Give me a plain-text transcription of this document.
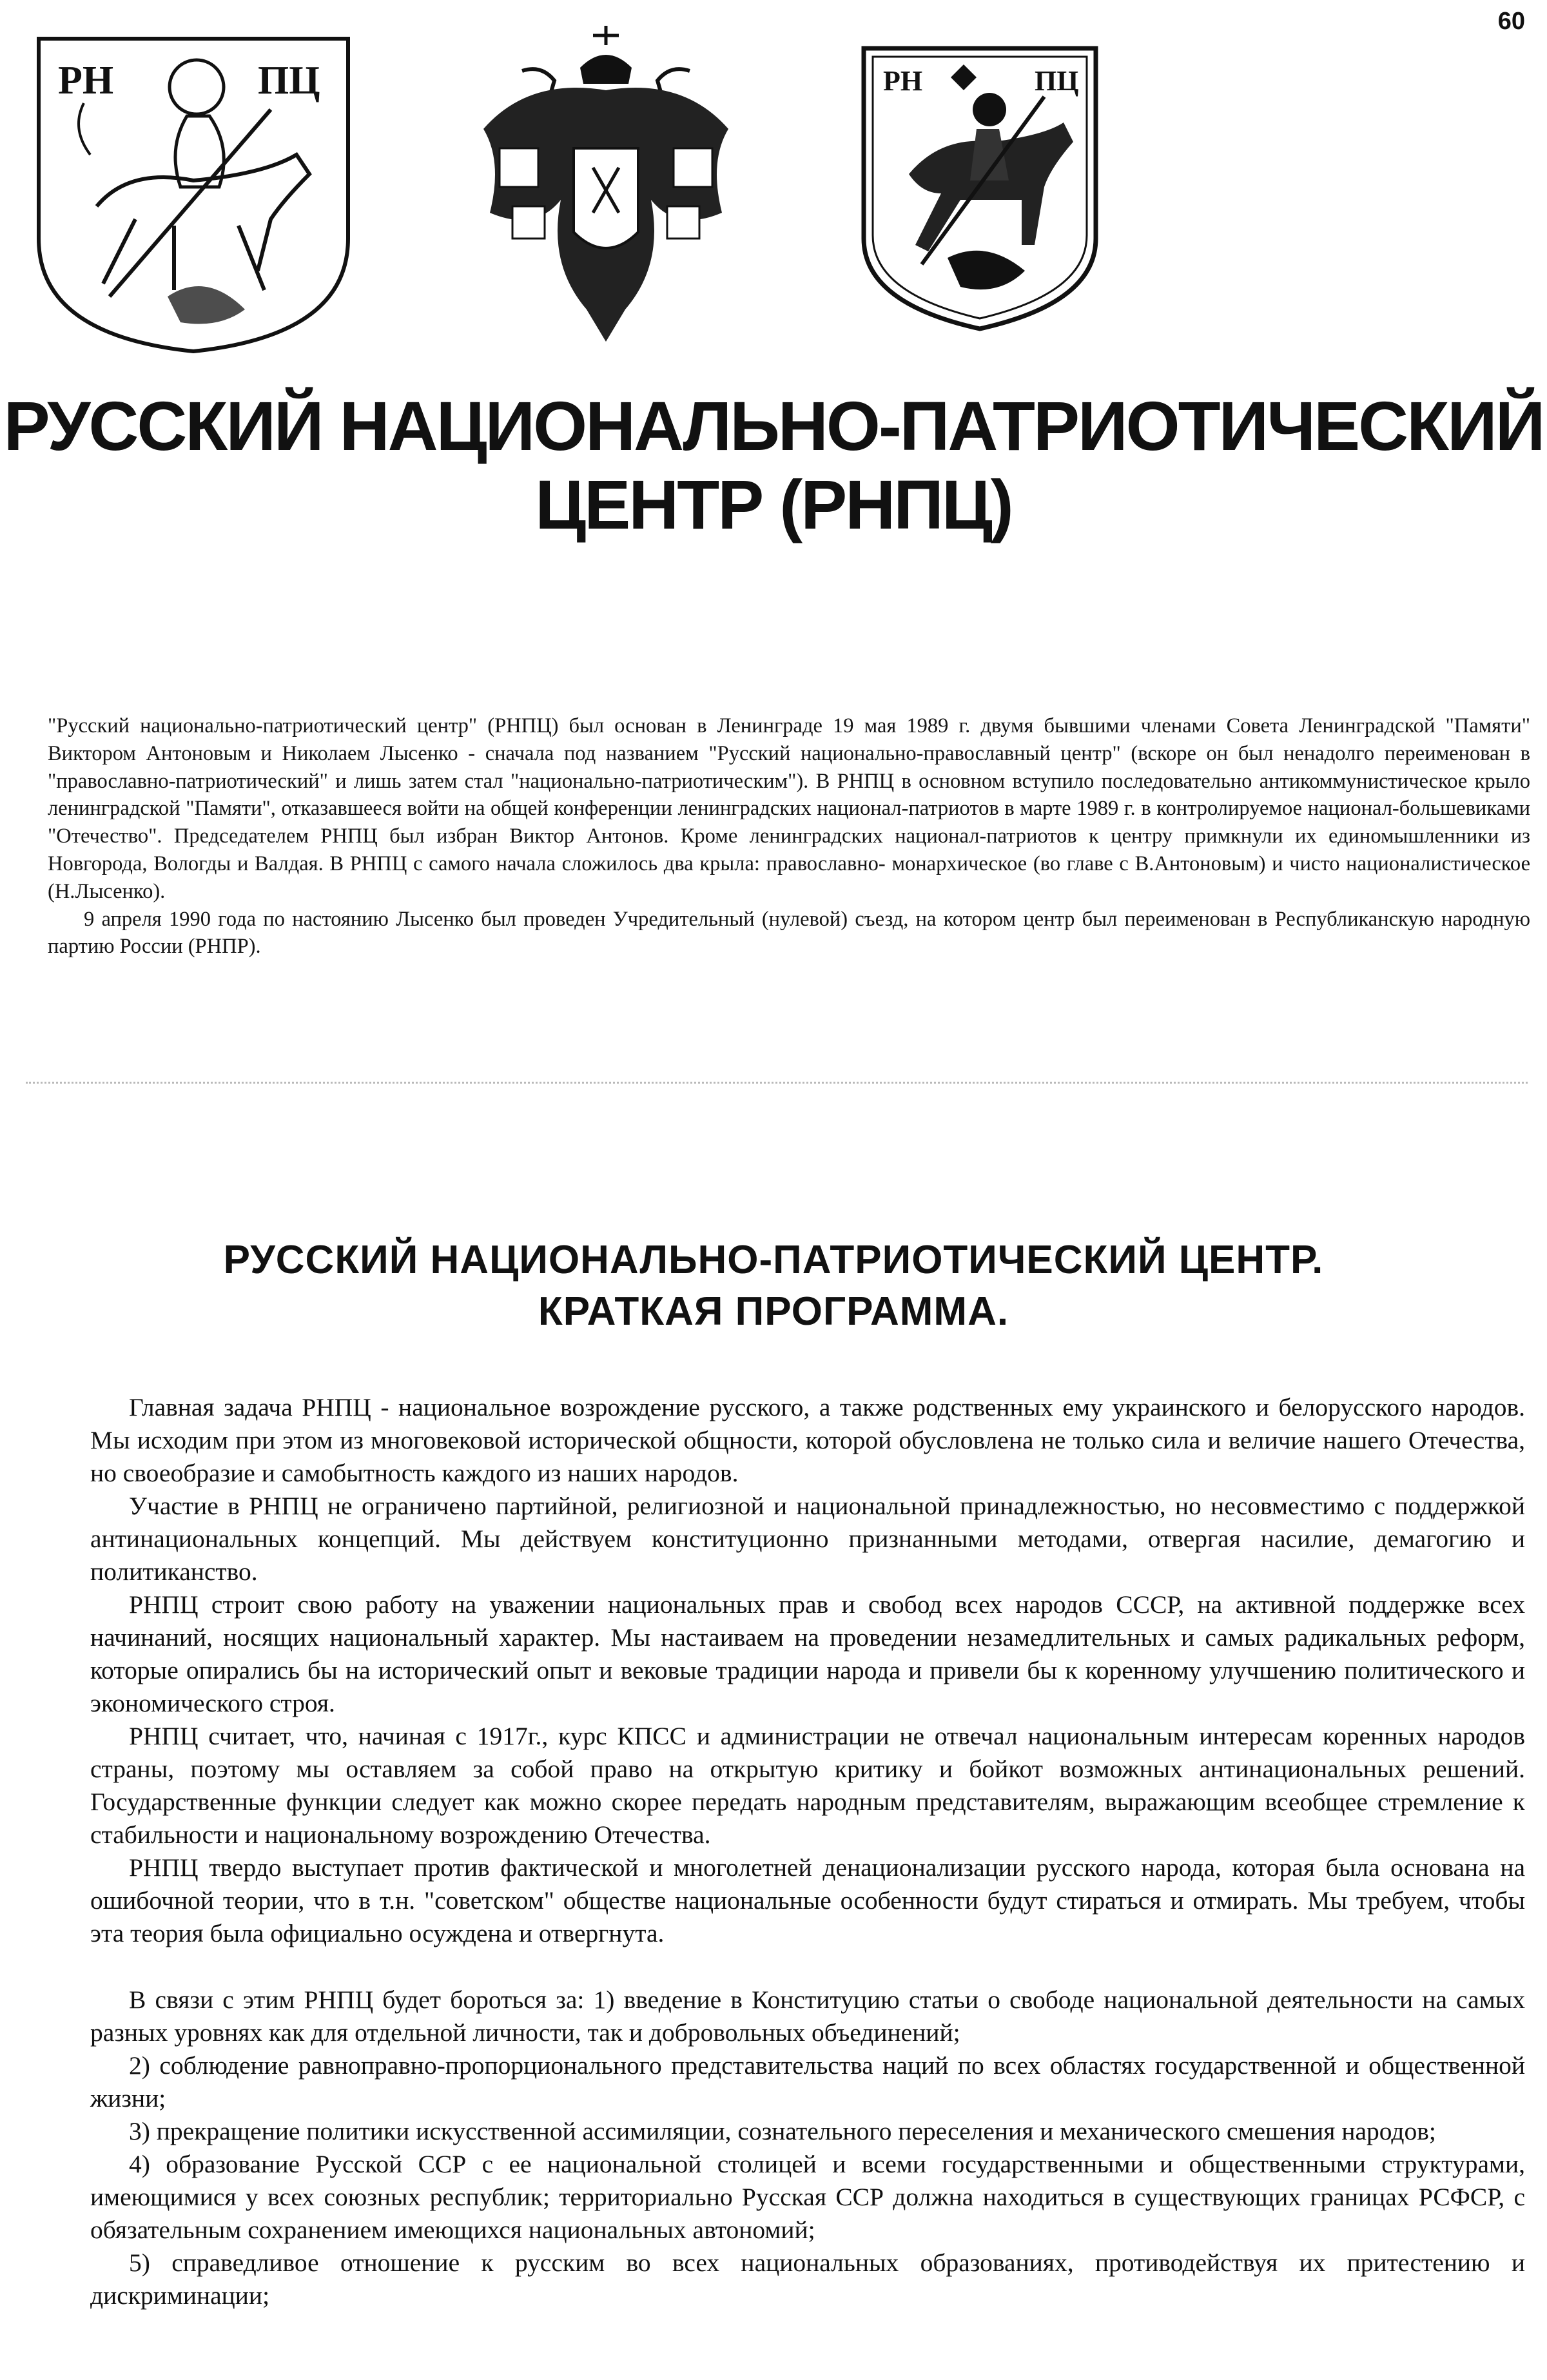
60
РН	ПЦ	РН	ПЦ
РУССКИЙ НАЦИОНАЛЬНО-ПАТРИОТИЧЕСКИЙ
ЦЕНТР (РНПЦ)

"Русский национально-патриотический центр" (РНПЦ) был основан в Ленинграде 19 мая 1989 г. двумя бывшими членами Совета Ленинградской "Памяти" Виктором Антоновым и Николаем Лысенко - сначала под названием "Русский национально-православный центр" (вскоре он был ненадолго переименован в "православно-патриотический" и лишь затем стал "национально-патриотическим"). В РНПЦ в основном вступило последовательно антикоммунистическое крыло ленинградской "Памяти", отказавшееся войти на общей конференции ленинградских национал-патриотов в марте 1989 г. в контролируемое национал-большевиками "Отечество". Председателем РНПЦ был избран Виктор Антонов. Кроме ленинградских национал-патриотов к центру примкнули их единомышленники из Новгорода, Вологды и Валдая. В РНПЦ с самого начала сложилось два крыла: православно- монархическое (во главе с В.Антоновым) и чисто националистическое (Н.Лысенко).

9 апреля 1990 года по настоянию Лысенко был проведен Учредительный (нулевой) съезд, на котором центр был переименован в Республиканскую народную партию России (РНПР).

РУССКИЙ НАЦИОНАЛЬНО-ПАТРИОТИЧЕСКИЙ ЦЕНТР.
КРАТКАЯ ПРОГРАММА.

Главная задача РНПЦ - национальное возрождение русского, а также родственных ему украинского и белорусского народов. Мы исходим при этом из многовековой исторической общности, которой обусловлена не только сила и величие нашего Отечества, но своеобразие и самобытность каждого из наших народов.

Участие в РНПЦ не ограничено партийной, религиозной и национальной принадлежностью, но несовместимо с поддержкой антинациональных концепций. Мы действуем конституционно признанными методами, отвергая насилие, демагогию и политиканство.

РНПЦ строит свою работу на уважении национальных прав и свобод всех народов СССР, на активной поддержке всех начинаний, носящих национальный характер. Мы настаиваем на проведении незамедлительных и самых радикальных реформ, которые опирались бы на исторический опыт и вековые традиции народа и привели бы к коренному улучшению политического и экономического строя.

РНПЦ считает, что, начиная с 1917г., курс КПСС и администрации не отвечал национальным интересам коренных народов страны, поэтому мы оставляем за собой право на открытую критику и бойкот возможных антинациональных решений. Государственные функции следует как можно скорее передать народным представителям, выражающим всеобщее стремление к стабильности и национальному возрождению Отечества.

РНПЦ твердо выступает против фактической и многолетней денационализации русского народа, которая была основана на ошибочной теории, что в т.н. "советском" обществе национальные особенности будут стираться и отмирать. Мы требуем, чтобы эта теория была официально осуждена и отвергнута.

В связи с этим РНПЦ будет бороться за: 1) введение в Конституцию статьи о свободе национальной деятельности на самых разных уровнях как для отдельной личности, так и добровольных объединений;

2) соблюдение равноправно-пропорционального представительства наций по всех областях государственной и общественной жизни;

3) прекращение политики искусственной ассимиляции, сознательного переселения и механического смешения народов;

4) образование Русской ССР с ее национальной столицей и всеми государственными и общественными структурами, имеющимися у всех союзных республик; территориально Русская ССР должна находиться в существующих границах РСФСР, с обязательным сохранением имеющихся национальных автономий;

5) справедливое отношение к русским во всех национальных образованиях, противодействуя их притестению и дискриминации;
